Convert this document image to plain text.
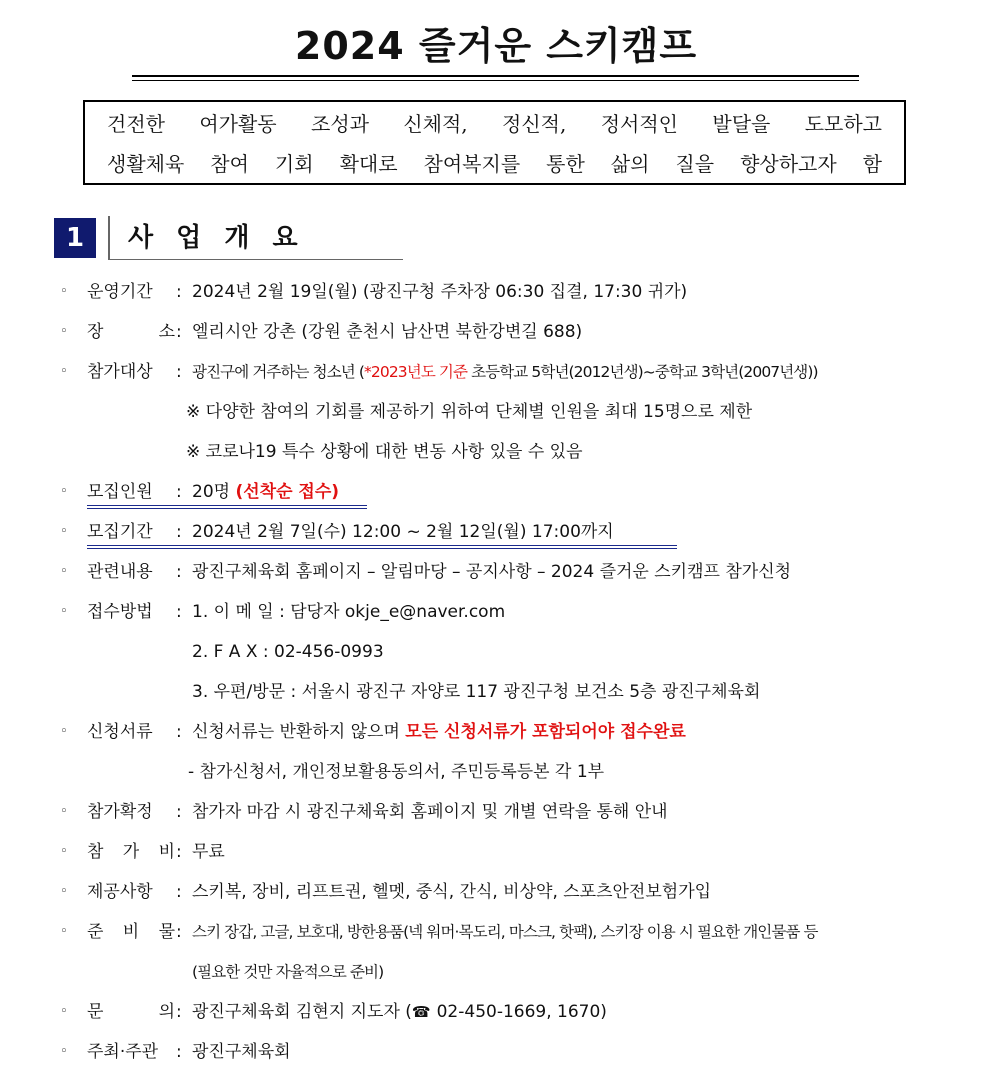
2024 즐거운 스키캠프
건전한 여가활동 조성과 신체적, 정신적, 정서적인 발달을 도모하고
생활체육 참여 기회 확대로 참여복지를 통한 삶의 질을 향상하고자 함
1	사 업 개 요
◦ 운영기간 : 2024년 2월 19일(월) (광진구청 주차장 06:30 집결, 17:30 귀가)
◦ 장 소 : 엘리시안 강촌 (강원 춘천시 남산면 북한강변길 688)
◦ 참가대상 : 광진구에 거주하는 청소년 (*2023년도 기준 초등학교 5학년(2012년생)~중학교 3학년(2007년생))
※ 다양한 참여의 기회를 제공하기 위하여 단체별 인원을 최대 15명으로 제한
※ 코로나19 특수 상황에 대한 변동 사항 있을 수 있음
◦ 모집인원 : 20명 (선착순 접수)
◦ 모집기간 : 2024년 2월 7일(수) 12:00 ~ 2월 12일(월) 17:00까지
◦ 관련내용 : 광진구체육회 홈페이지 – 알림마당 – 공지사항 – 2024 즐거운 스키캠프 참가신청
◦ 접수방법 : 1. 이 메 일 : 담당자 okje_e@naver.com
2. F A X : 02-456-0993
3. 우편/방문 : 서울시 광진구 자양로 117 광진구청 보건소 5층 광진구체육회
◦ 신청서류 : 신청서류는 반환하지 않으며 모든 신청서류가 포함되어야 접수완료
- 참가신청서, 개인정보활용동의서, 주민등록등본 각 1부
◦ 참가확정 : 참가자 마감 시 광진구체육회 홈페이지 및 개별 연락을 통해 안내
◦ 참 가 비 : 무료
◦ 제공사항 : 스키복, 장비, 리프트권, 헬멧, 중식, 간식, 비상약, 스포츠안전보험가입
◦ 준 비 물 : 스키 장갑, 고글, 보호대, 방한용품(넥 워머·목도리, 마스크, 핫팩), 스키장 이용 시 필요한 개인물품 등
(필요한 것만 자율적으로 준비)
◦ 문 의 : 광진구체육회 김현지 지도자 (☎ 02-450-1669, 1670)
◦ 주최·주관 : 광진구체육회
